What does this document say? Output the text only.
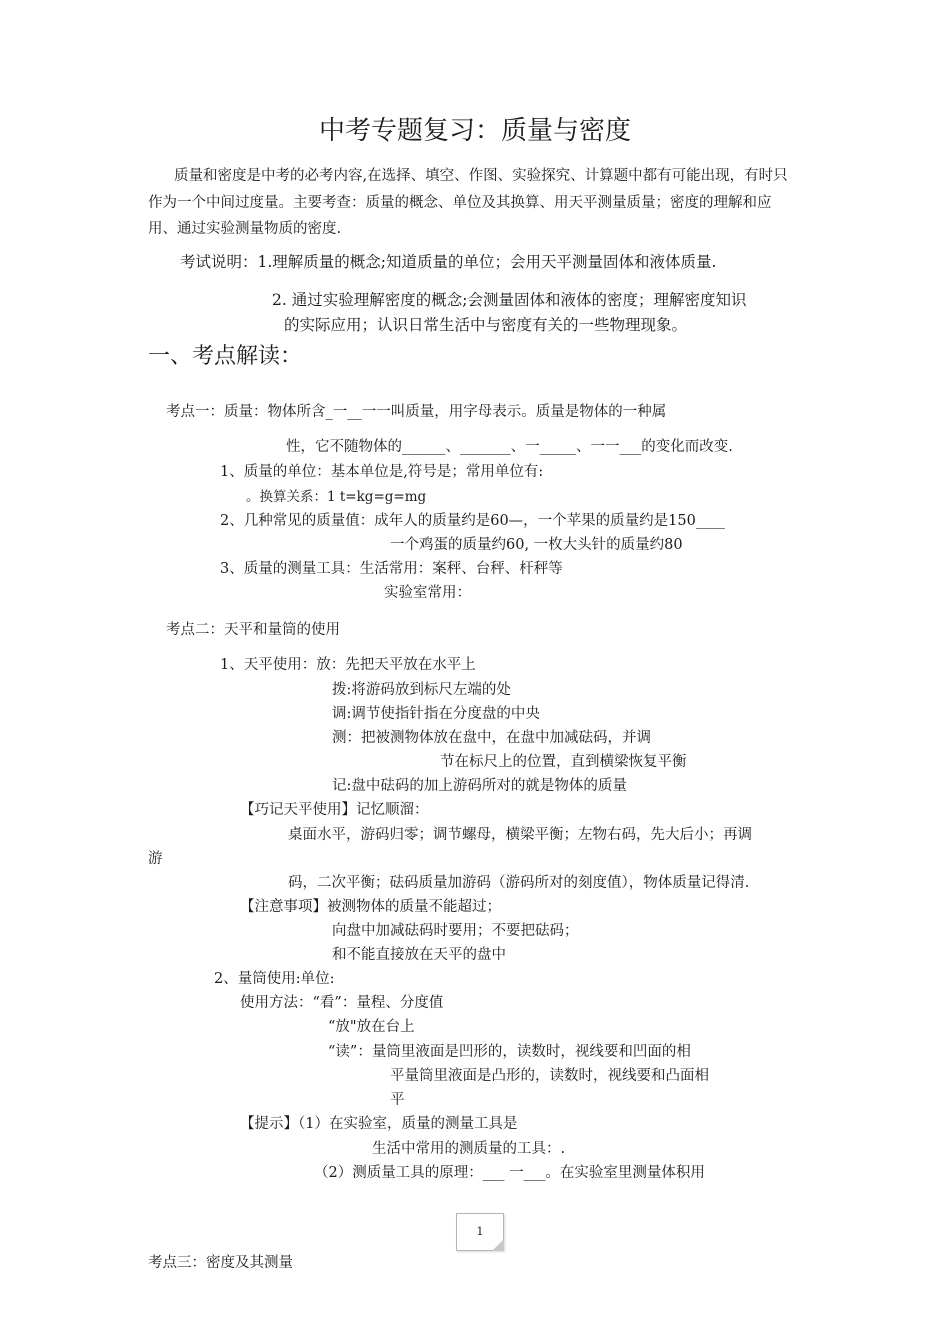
中考专题复习：质量与密度
质量和密度是中考的必考内容,在选择、填空、作图、实验探究、计算题中都有可能出现，有时只
作为一个中间过度量。主要考查：质量的概念、单位及其换算、用天平测量质量；密度的理解和应
用、通过实验测量物质的密度.
考试说明：1.理解质量的概念;知道质量的单位；会用天平测量固体和液体质量.
2. 通过实验理解密度的概念;会测量固体和液体的密度；理解密度知识
的实际应用；认识日常生活中与密度有关的一些物理现象。
一、考点解读：
考点一：质量：物体所含_一__一一叫质量，用字母表示。质量是物体的一种属
性，它不随物体的______、_______、一_____、一一___的变化而改变.
1、质量的单位：基本单位是,符号是；常用单位有:
。换算关系：1 t=kg=g=mg
2、几种常见的质量值：成年人的质量约是60—，一个苹果的质量约是150____
一个鸡蛋的质量约60, 一枚大头针的质量约80
3、质量的测量工具：生活常用：案秤、台秤、杆秤等
实验室常用：
考点二：天平和量筒的使用
1、天平使用：放：先把天平放在水平上
拨:将游码放到标尺左端的处
调:调节使指针指在分度盘的中央
测：把被测物体放在盘中，在盘中加减砝码，并调
节在标尺上的位置，直到横梁恢复平衡
记:盘中砝码的加上游码所对的就是物体的质量
【巧记天平使用】记忆顺溜：
桌面水平，游码归零；调节螺母，横梁平衡；左物右码，先大后小；再调
游
码，二次平衡；砝码质量加游码（游码所对的刻度值），物体质量记得清.
【注意事项】被测物体的质量不能超过；
向盘中加减砝码时要用；不要把砝码；
和不能直接放在天平的盘中
2、量筒使用:单位:
使用方法：“看”：量程、分度值
“放"放在台上
“读”：量筒里液面是凹形的，读数时，视线要和凹面的相
平量筒里液面是凸形的，读数时，视线要和凸面相
平
【提示】（1）在实验室，质量的测量工具是
生活中常用的测质量的工具：.
（2）测质量工具的原理：___ 一___。在实验室里测量体积用
1
考点三：密度及其测量
